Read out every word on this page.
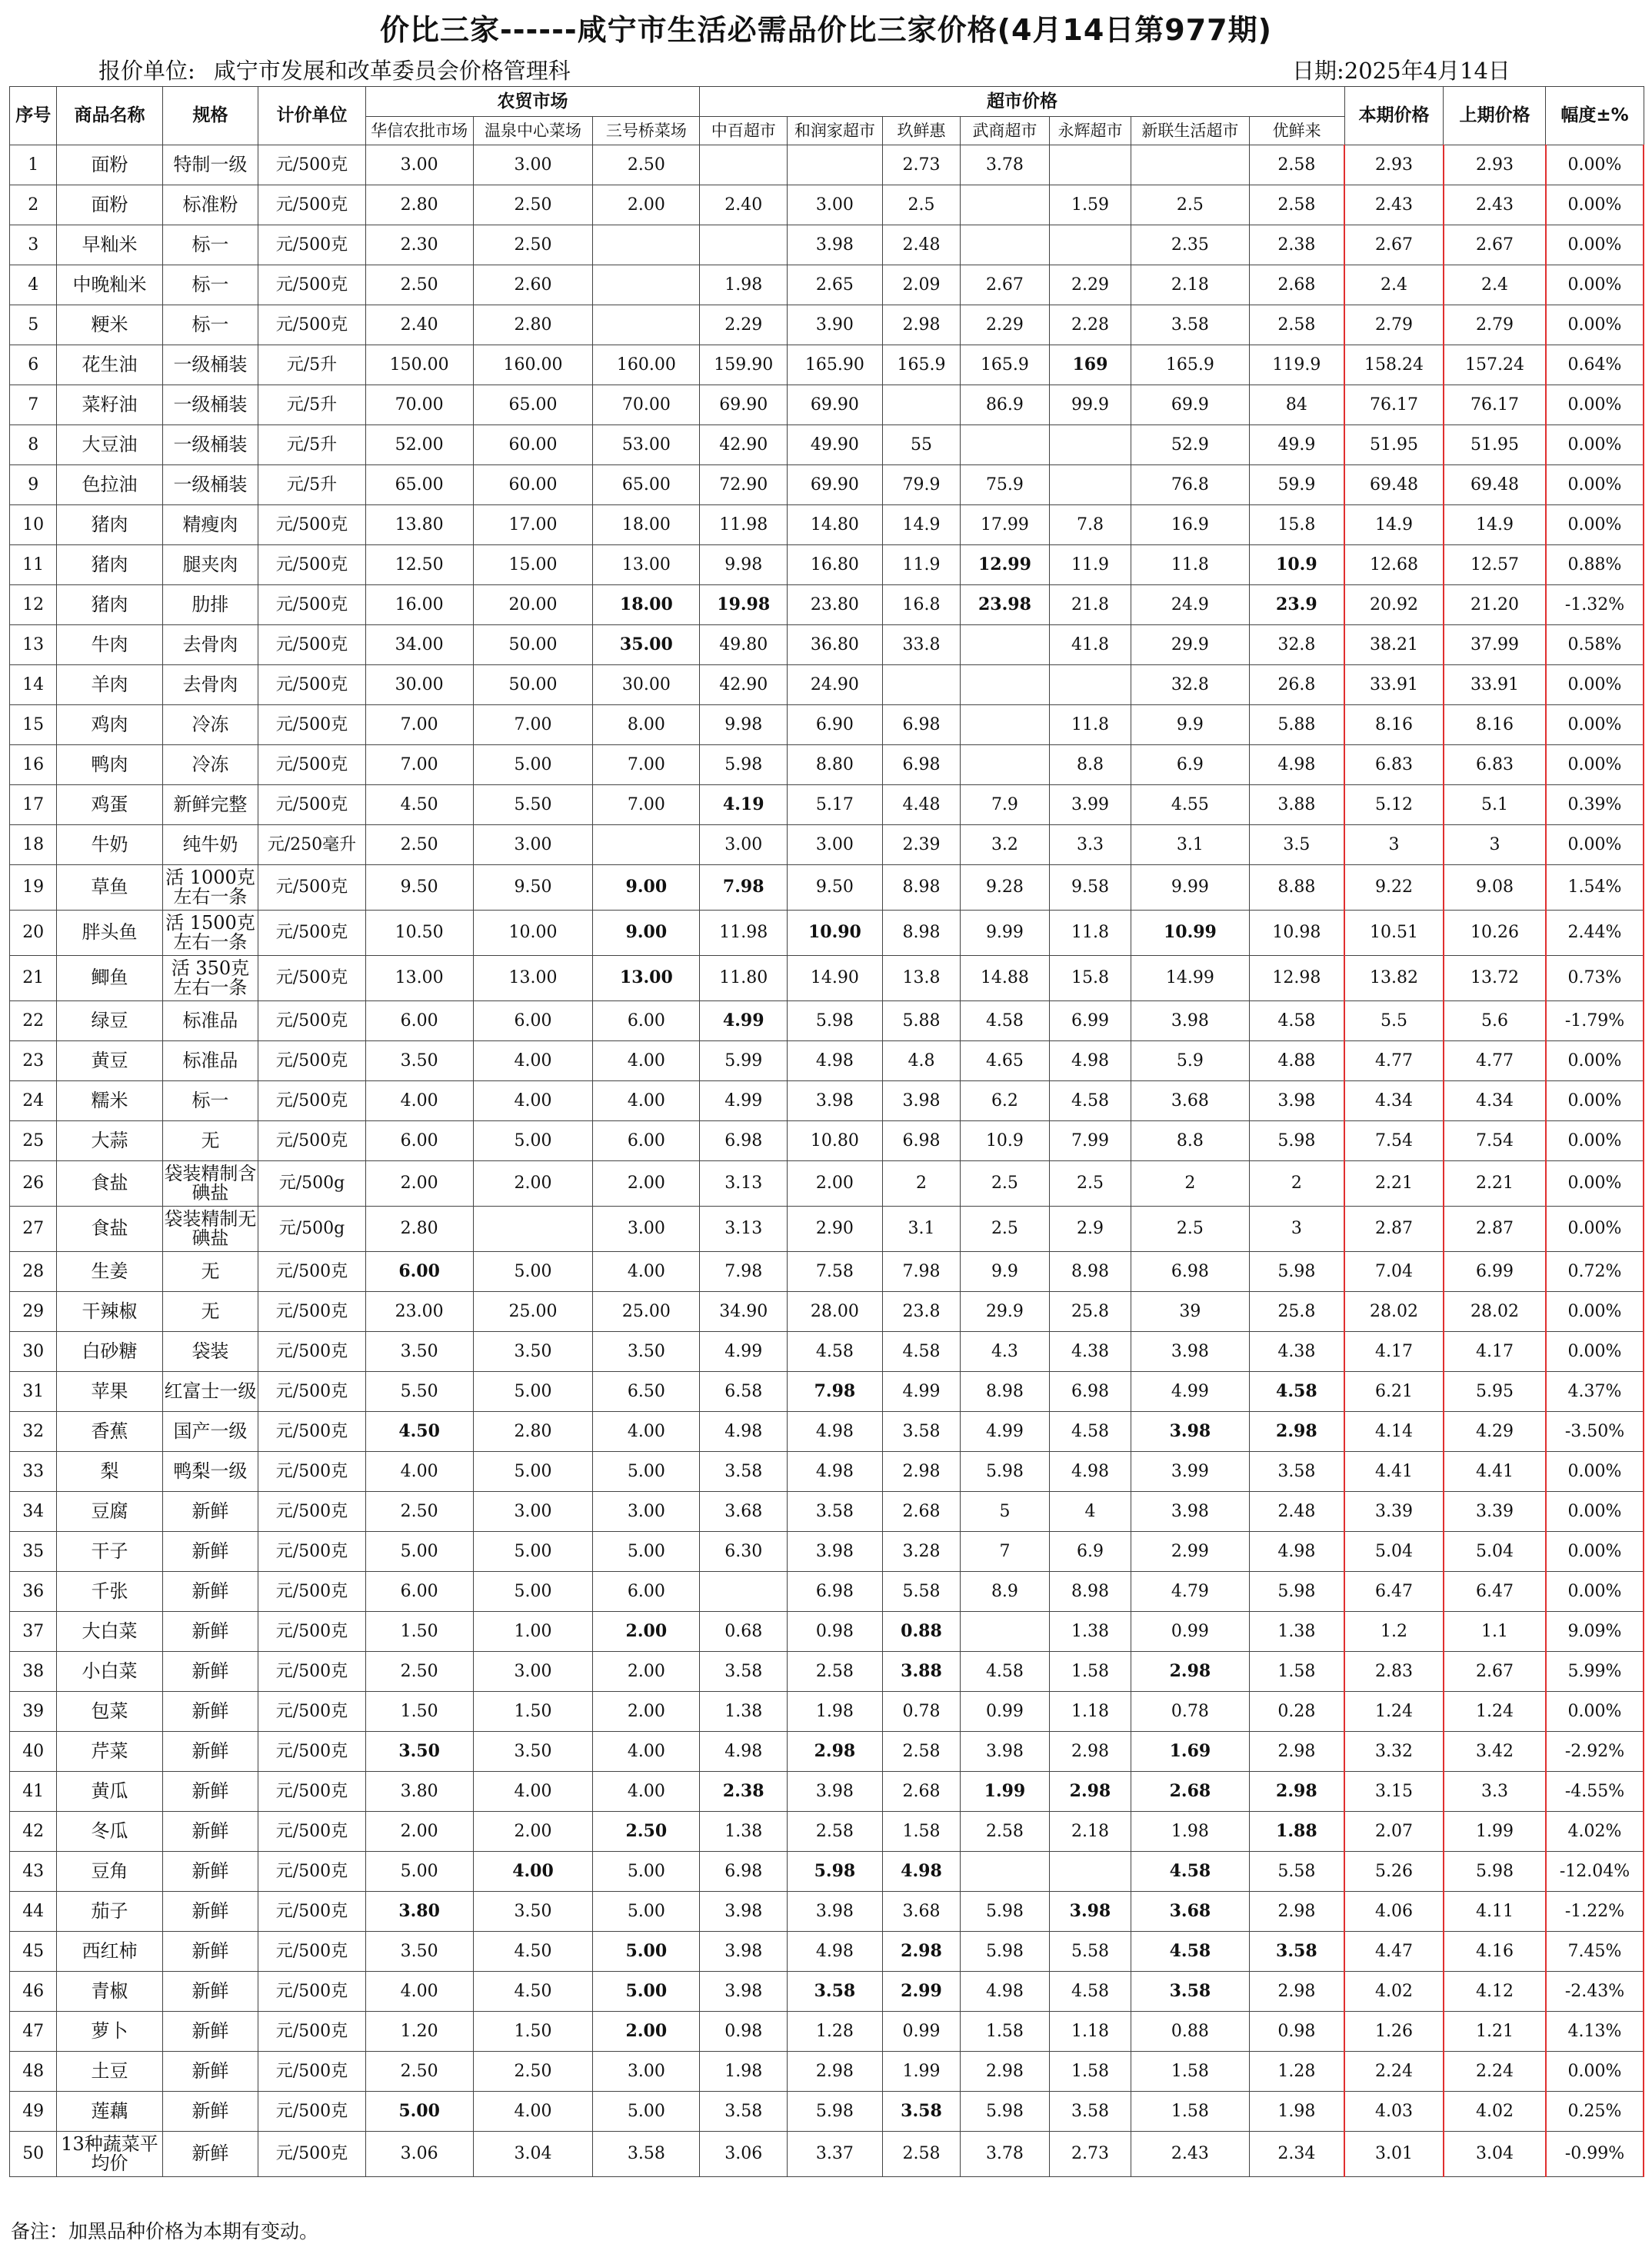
价比三家------咸宁市生活必需品价比三家价格(4月14日第977期)
报价单位: 咸宁市发展和改革委员会价格管理科	日期:2025年4月14日
序号	商品名称	规格	计价单位	农贸市场			超市价格							本期价格	上期价格	幅度±%
				华信农批市场	温泉中心菜场	三号桥菜场	中百超市	和润家超市	玖鲜惠	武商超市	永辉超市	新联生活超市	优鲜来			
1	面粉	特制一级	元/500克	3.00	3.00	2.50			2.73	3.78			2.58	2.93	2.93	0.00%
2	面粉	标准粉	元/500克	2.80	2.50	2.00	2.40	3.00	2.5		1.59	2.5	2.58	2.43	2.43	0.00%
3	早籼米	标一	元/500克	2.30	2.50			3.98	2.48			2.35	2.38	2.67	2.67	0.00%
4	中晚籼米	标一	元/500克	2.50	2.60		1.98	2.65	2.09	2.67	2.29	2.18	2.68	2.4	2.4	0.00%
5	粳米	标一	元/500克	2.40	2.80		2.29	3.90	2.98	2.29	2.28	3.58	2.58	2.79	2.79	0.00%
6	花生油	一级桶装	元/5升	150.00	160.00	160.00	159.90	165.90	165.9	165.9	169	165.9	119.9	158.24	157.24	0.64%
7	菜籽油	一级桶装	元/5升	70.00	65.00	70.00	69.90	69.90		86.9	99.9	69.9	84	76.17	76.17	0.00%
8	大豆油	一级桶装	元/5升	52.00	60.00	53.00	42.90	49.90	55			52.9	49.9	51.95	51.95	0.00%
9	色拉油	一级桶装	元/5升	65.00	60.00	65.00	72.90	69.90	79.9	75.9		76.8	59.9	69.48	69.48	0.00%
10	猪肉	精瘦肉	元/500克	13.80	17.00	18.00	11.98	14.80	14.9	17.99	7.8	16.9	15.8	14.9	14.9	0.00%
11	猪肉	腿夹肉	元/500克	12.50	15.00	13.00	9.98	16.80	11.9	12.99	11.9	11.8	10.9	12.68	12.57	0.88%
12	猪肉	肋排	元/500克	16.00	20.00	18.00	19.98	23.80	16.8	23.98	21.8	24.9	23.9	20.92	21.20	-1.32%
13	牛肉	去骨肉	元/500克	34.00	50.00	35.00	49.80	36.80	33.8		41.8	29.9	32.8	38.21	37.99	0.58%
14	羊肉	去骨肉	元/500克	30.00	50.00	30.00	42.90	24.90				32.8	26.8	33.91	33.91	0.00%
15	鸡肉	冷冻	元/500克	7.00	7.00	8.00	9.98	6.90	6.98		11.8	9.9	5.88	8.16	8.16	0.00%
16	鸭肉	冷冻	元/500克	7.00	5.00	7.00	5.98	8.80	6.98		8.8	6.9	4.98	6.83	6.83	0.00%
17	鸡蛋	新鲜完整	元/500克	4.50	5.50	7.00	4.19	5.17	4.48	7.9	3.99	4.55	3.88	5.12	5.1	0.39%
18	牛奶	纯牛奶	元/250毫升	2.50	3.00		3.00	3.00	2.39	3.2	3.3	3.1	3.5	3	3	0.00%
19	草鱼	活 1000克左右一条	元/500克	9.50	9.50	9.00	7.98	9.50	8.98	9.28	9.58	9.99	8.88	9.22	9.08	1.54%
20	胖头鱼	活 1500克左右一条	元/500克	10.50	10.00	9.00	11.98	10.90	8.98	9.99	11.8	10.99	10.98	10.51	10.26	2.44%
21	鲫鱼	活 350克左右一条	元/500克	13.00	13.00	13.00	11.80	14.90	13.8	14.88	15.8	14.99	12.98	13.82	13.72	0.73%
22	绿豆	标准品	元/500克	6.00	6.00	6.00	4.99	5.98	5.88	4.58	6.99	3.98	4.58	5.5	5.6	-1.79%
23	黄豆	标准品	元/500克	3.50	4.00	4.00	5.99	4.98	4.8	4.65	4.98	5.9	4.88	4.77	4.77	0.00%
24	糯米	标一	元/500克	4.00	4.00	4.00	4.99	3.98	3.98	6.2	4.58	3.68	3.98	4.34	4.34	0.00%
25	大蒜	无	元/500克	6.00	5.00	6.00	6.98	10.80	6.98	10.9	7.99	8.8	5.98	7.54	7.54	0.00%
26	食盐	袋装精制含碘盐	元/500g	2.00	2.00	2.00	3.13	2.00	2	2.5	2.5	2	2	2.21	2.21	0.00%
27	食盐	袋装精制无碘盐	元/500g	2.80		3.00	3.13	2.90	3.1	2.5	2.9	2.5	3	2.87	2.87	0.00%
28	生姜	无	元/500克	6.00	5.00	4.00	7.98	7.58	7.98	9.9	8.98	6.98	5.98	7.04	6.99	0.72%
29	干辣椒	无	元/500克	23.00	25.00	25.00	34.90	28.00	23.8	29.9	25.8	39	25.8	28.02	28.02	0.00%
30	白砂糖	袋装	元/500克	3.50	3.50	3.50	4.99	4.58	4.58	4.3	4.38	3.98	4.38	4.17	4.17	0.00%
31	苹果	红富士一级	元/500克	5.50	5.00	6.50	6.58	7.98	4.99	8.98	6.98	4.99	4.58	6.21	5.95	4.37%
32	香蕉	国产一级	元/500克	4.50	2.80	4.00	4.98	4.98	3.58	4.99	4.58	3.98	2.98	4.14	4.29	-3.50%
33	梨	鸭梨一级	元/500克	4.00	5.00	5.00	3.58	4.98	2.98	5.98	4.98	3.99	3.58	4.41	4.41	0.00%
34	豆腐	新鲜	元/500克	2.50	3.00	3.00	3.68	3.58	2.68	5	4	3.98	2.48	3.39	3.39	0.00%
35	干子	新鲜	元/500克	5.00	5.00	5.00	6.30	3.98	3.28	7	6.9	2.99	4.98	5.04	5.04	0.00%
36	千张	新鲜	元/500克	6.00	5.00	6.00		6.98	5.58	8.9	8.98	4.79	5.98	6.47	6.47	0.00%
37	大白菜	新鲜	元/500克	1.50	1.00	2.00	0.68	0.98	0.88		1.38	0.99	1.38	1.2	1.1	9.09%
38	小白菜	新鲜	元/500克	2.50	3.00	2.00	3.58	2.58	3.88	4.58	1.58	2.98	1.58	2.83	2.67	5.99%
39	包菜	新鲜	元/500克	1.50	1.50	2.00	1.38	1.98	0.78	0.99	1.18	0.78	0.28	1.24	1.24	0.00%
40	芹菜	新鲜	元/500克	3.50	3.50	4.00	4.98	2.98	2.58	3.98	2.98	1.69	2.98	3.32	3.42	-2.92%
41	黄瓜	新鲜	元/500克	3.80	4.00	4.00	2.38	3.98	2.68	1.99	2.98	2.68	2.98	3.15	3.3	-4.55%
42	冬瓜	新鲜	元/500克	2.00	2.00	2.50	1.38	2.58	1.58	2.58	2.18	1.98	1.88	2.07	1.99	4.02%
43	豆角	新鲜	元/500克	5.00	4.00	5.00	6.98	5.98	4.98			4.58	5.58	5.26	5.98	-12.04%
44	茄子	新鲜	元/500克	3.80	3.50	5.00	3.98	3.98	3.68	5.98	3.98	3.68	2.98	4.06	4.11	-1.22%
45	西红柿	新鲜	元/500克	3.50	4.50	5.00	3.98	4.98	2.98	5.98	5.58	4.58	3.58	4.47	4.16	7.45%
46	青椒	新鲜	元/500克	4.00	4.50	5.00	3.98	3.58	2.99	4.98	4.58	3.58	2.98	4.02	4.12	-2.43%
47	萝卜	新鲜	元/500克	1.20	1.50	2.00	0.98	1.28	0.99	1.58	1.18	0.88	0.98	1.26	1.21	4.13%
48	土豆	新鲜	元/500克	2.50	2.50	3.00	1.98	2.98	1.99	2.98	1.58	1.58	1.28	2.24	2.24	0.00%
49	莲藕	新鲜	元/500克	5.00	4.00	5.00	3.58	5.98	3.58	5.98	3.58	1.58	1.98	4.03	4.02	0.25%
50	13种蔬菜平均价	新鲜	元/500克	3.06	3.04	3.58	3.06	3.37	2.58	3.78	2.73	2.43	2.34	3.01	3.04	-0.99%
备注：加黑品种价格为本期有变动。
